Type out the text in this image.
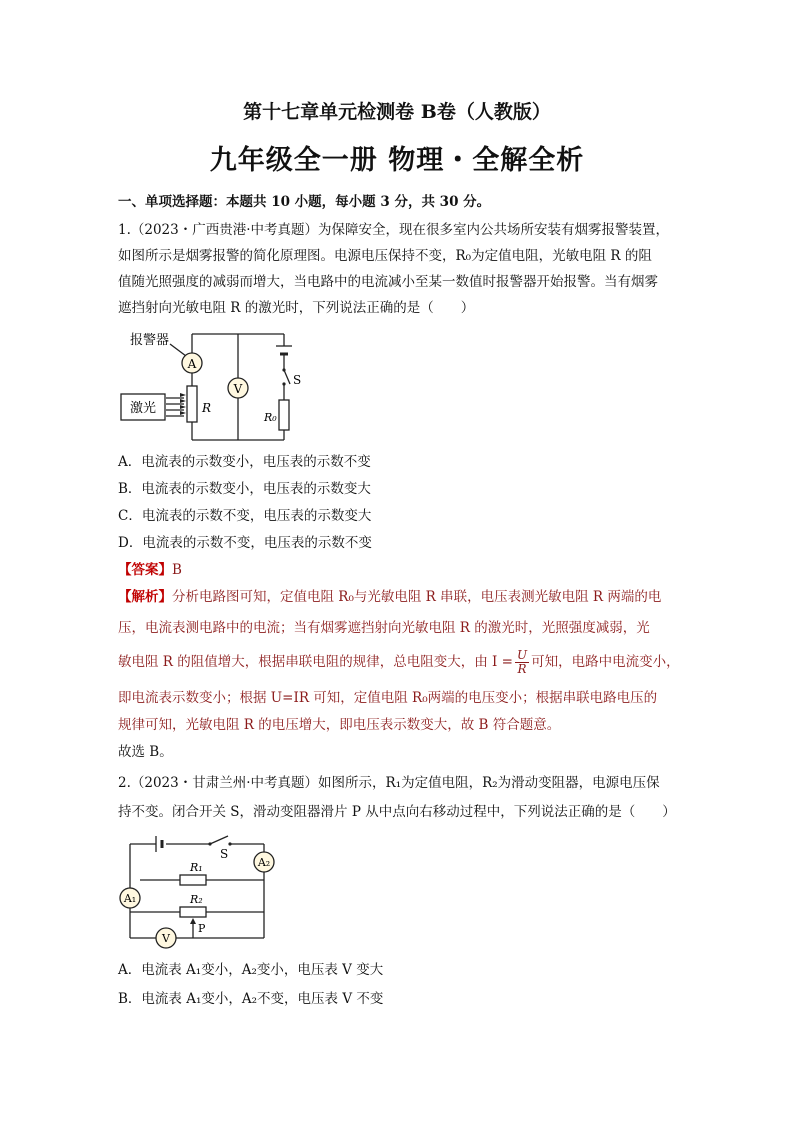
第十七章单元检测卷 B卷（人教版）
九年级全一册 物理・全解全析
一、单项选择题：本题共 10 小题，每小题 3 分，共 30 分。
1.（2023・广西贵港·中考真题）为保障安全，现在很多室内公共场所安装有烟雾报警装置，
如图所示是烟雾报警的简化原理图。电源电压保持不变，R₀为定值电阻，光敏电阻 R 的阻
值随光照强度的减弱而增大，当电路中的电流减小至某一数值时报警器开始报警。当有烟雾
遮挡射向光敏电阻 R 的激光时，下列说法正确的是（　　）
A
V
报警器
激光	R
R₀
S
A．电流表的示数变小，电压表的示数不变
B．电流表的示数变小，电压表的示数变大
C．电流表的示数不变，电压表的示数变大
D．电流表的示数不变，电压表的示数不变
【答案】B
【解析】分析电路图可知，定值电阻 R₀与光敏电阻 R 串联，电压表测光敏电阻 R 两端的电
压，电流表测电路中的电流；当有烟雾遮挡射向光敏电阻 R 的激光时，光照强度减弱，光
敏电阻 R 的阻值增大，根据串联电阻的规律，总电阻变大，由 $I = \frac{U}{R}$ 可知，电路中电流变小，
即电流表示数变小；根据 U=IR 可知，定值电阻 R₀两端的电压变小；根据串联电路电压的
规律可知，光敏电阻 R 的电压增大，即电压表示数变大，故 B 符合题意。
故选 B。
2.（2023・甘肃兰州·中考真题）如图所示，R₁为定值电阻，R₂为滑动变阻器，电源电压保
持不变。闭合开关 S，滑动变阻器滑片 P 从中点向右移动过程中，下列说法正确的是（　　）
A₂
A₁
V
S
R₁
R₂
P
A．电流表 A₁变小，A₂变小，电压表 V 变大
B．电流表 A₁变小，A₂不变，电压表 V 不变
